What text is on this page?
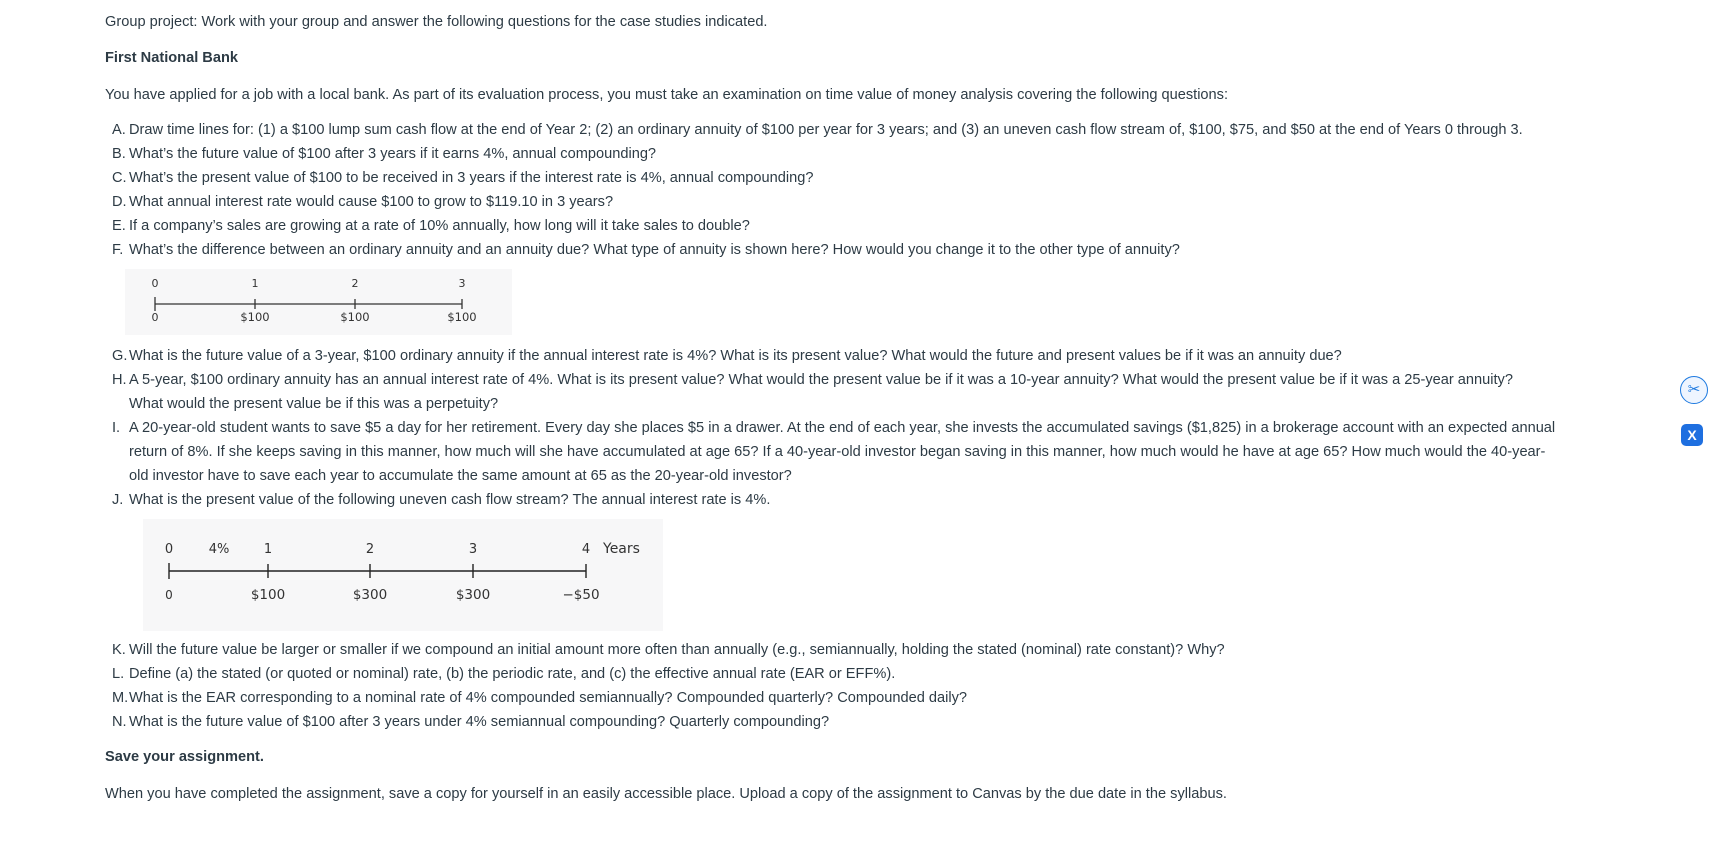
Group project: Work with your group and answer the following questions for the case studies indicated.

First National Bank

You have applied for a job with a local bank. As part of its evaluation process, you must take an examination on time value of money analysis covering the following questions:

A. Draw time lines for: (1) a $100 lump sum cash flow at the end of Year 2; (2) an ordinary annuity of $100 per year for 3 years; and (3) an uneven cash flow stream of, $100, $75, and $50 at the end of Years 0 through 3.
B. What’s the future value of $100 after 3 years if it earns 4%, annual compounding?
C. What’s the present value of $100 to be received in 3 years if the interest rate is 4%, annual compounding?
D. What annual interest rate would cause $100 to grow to $119.10 in 3 years?
E. If a company’s sales are growing at a rate of 10% annually, how long will it take sales to double?
F. What’s the difference between an ordinary annuity and an annuity due? What type of annuity is shown here? How would you change it to the other type of annuity?
G. What is the future value of a 3-year, $100 ordinary annuity if the annual interest rate is 4%? What is its present value? What would the future and present values be if it was an annuity due?
H. A 5-year, $100 ordinary annuity has an annual interest rate of 4%. What is its present value? What would the present value be if it was a 10-year annuity? What would the present value be if it was a 25-year annuity?
What would the present value be if this was a perpetuity?
I. A 20-year-old student wants to save $5 a day for her retirement. Every day she places $5 in a drawer. At the end of each year, she invests the accumulated savings ($1,825) in a brokerage account with an expected annual
return of 8%. If she keeps saving in this manner, how much will she have accumulated at age 65? If a 40-year-old investor began saving in this manner, how much would he have at age 65? How much would the 40-year-
old investor have to save each year to accumulate the same amount at 65 as the 20-year-old investor?
J. What is the present value of the following uneven cash flow stream? The annual interest rate is 4%.
K. Will the future value be larger or smaller if we compound an initial amount more often than annually (e.g., semiannually, holding the stated (nominal) rate constant)? Why?
L. Define (a) the stated (or quoted or nominal) rate, (b) the periodic rate, and (c) the effective annual rate (EAR or EFF%).
M. What is the EAR corresponding to a nominal rate of 4% compounded semiannually? Compounded quarterly? Compounded daily?
N. What is the future value of $100 after 3 years under 4% semiannual compounding? Quarterly compounding?

Save your assignment.

When you have completed the assignment, save a copy for yourself in an easily accessible place. Upload a copy of the assignment to Canvas by the due date in the syllabus.

0	1	2	3
0	$100	$100	$100
0	4%	1	2	3	4 Years
0	$100	$300	$300	−$50
✂
X
